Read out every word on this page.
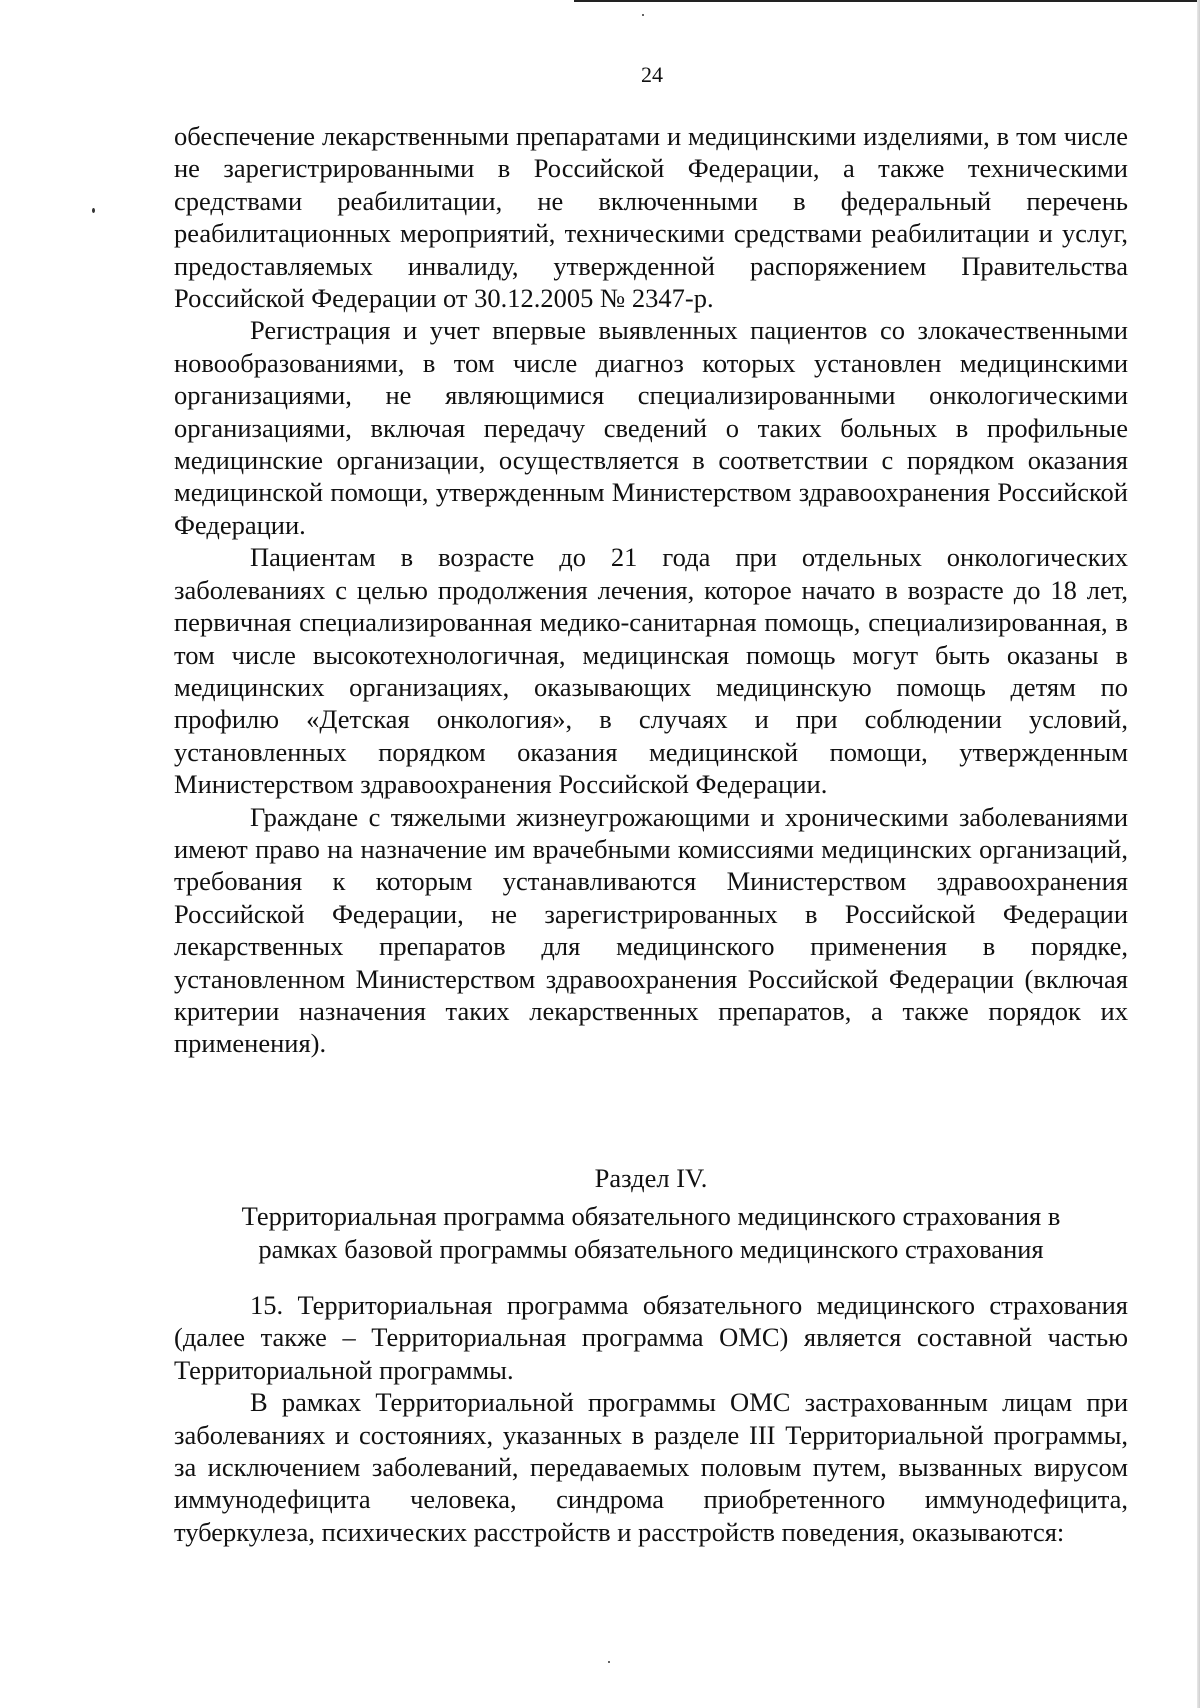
24

обеспечение лекарственными препаратами и медицинскими изделиями, в том числе не зарегистрированными в Российской Федерации, а также техническими средствами реабилитации, не включенными в федеральный перечень реабилитационных мероприятий, техническими средствами реабилитации и услуг, предоставляемых инвалиду, утвержденной распоряжением Правительства Российской Федерации от 30.12.2005 № 2347-р.

Регистрация и учет впервые выявленных пациентов со злокачественными новообразованиями, в том числе диагноз которых установлен медицинскими организациями, не являющимися специализированными онкологическими организациями, включая передачу сведений о таких больных в профильные медицинские организации, осуществляется в соответствии с порядком оказания медицинской помощи, утвержденным Министерством здравоохранения Российской Федерации.

Пациентам в возрасте до 21 года при отдельных онкологических заболеваниях с целью продолжения лечения, которое начато в возрасте до 18 лет, первичная специализированная медико-санитарная помощь, специализированная, в том числе высокотехнологичная, медицинская помощь могут быть оказаны в медицинских организациях, оказывающих медицинскую помощь детям по профилю «Детская онкология», в случаях и при соблюдении условий, установленных порядком оказания медицинской помощи, утвержденным Министерством здравоохранения Российской Федерации.

Граждане с тяжелыми жизнеугрожающими и хроническими заболеваниями имеют право на назначение им врачебными комиссиями медицинских организаций, требования к которым устанавливаются Министерством здравоохранения Российской Федерации, не зарегистрированных в Российской Федерации лекарственных препаратов для медицинского применения в порядке, установленном Министерством здравоохранения Российской Федерации (включая критерии назначения таких лекарственных препаратов, а также порядок их применения).

Раздел IV.
Территориальная программа обязательного медицинского страхования в
рамках базовой программы обязательного медицинского страхования

15. Территориальная программа обязательного медицинского страхования (далее также – Территориальная программа ОМС) является составной частью Территориальной программы.

В рамках Территориальной программы ОМС застрахованным лицам при заболеваниях и состояниях, указанных в разделе III Территориальной программы, за исключением заболеваний, передаваемых половым путем, вызванных вирусом иммунодефицита человека, синдрома приобретенного иммунодефицита, туберкулеза, психических расстройств и расстройств поведения, оказываются:
